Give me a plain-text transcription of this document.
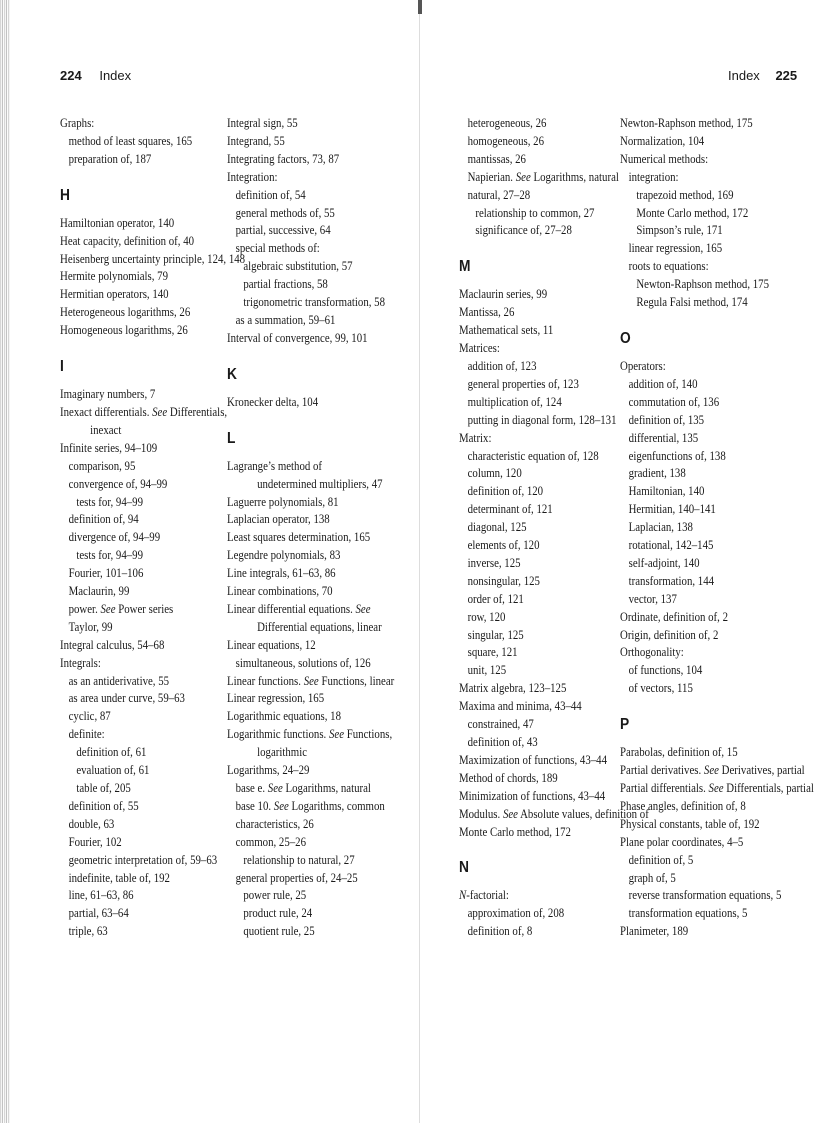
224 Index	Index 225
Graphs:
method of least squares, 165
preparation of, 187
H
Hamiltonian operator, 140
Heat capacity, definition of, 40
Heisenberg uncertainty principle, 124, 148
Hermite polynomials, 79
Hermitian operators, 140
Heterogeneous logarithms, 26
Homogeneous logarithms, 26
I
Imaginary numbers, 7
Inexact differentials. See Differentials,
inexact
Infinite series, 94–109
comparison, 95
convergence of, 94–99
tests for, 94–99
definition of, 94
divergence of, 94–99
tests for, 94–99
Fourier, 101–106
Maclaurin, 99
power. See Power series
Taylor, 99
Integral calculus, 54–68
Integrals:
as an antiderivative, 55
as area under curve, 59–63
cyclic, 87
definite:
definition of, 61
evaluation of, 61
table of, 205
definition of, 55
double, 63
Fourier, 102
geometric interpretation of, 59–63
indefinite, table of, 192
line, 61–63, 86
partial, 63–64
triple, 63
Integral sign, 55
Integrand, 55
Integrating factors, 73, 87
Integration:
definition of, 54
general methods of, 55
partial, successive, 64
special methods of:
algebraic substitution, 57
partial fractions, 58
trigonometric transformation, 58
as a summation, 59–61
Interval of convergence, 99, 101
K
Kronecker delta, 104
L
Lagrange’s method of
undetermined multipliers, 47
Laguerre polynomials, 81
Laplacian operator, 138
Least squares determination, 165
Legendre polynomials, 83
Line integrals, 61–63, 86
Linear combinations, 70
Linear differential equations. See
Differential equations, linear
Linear equations, 12
simultaneous, solutions of, 126
Linear functions. See Functions, linear
Linear regression, 165
Logarithmic equations, 18
Logarithmic functions. See Functions,
logarithmic
Logarithms, 24–29
base e. See Logarithms, natural
base 10. See Logarithms, common
characteristics, 26
common, 25–26
relationship to natural, 27
general properties of, 24–25
power rule, 25
product rule, 24
quotient rule, 25
heterogeneous, 26
homogeneous, 26
mantissas, 26
Napierian. See Logarithms, natural
natural, 27–28
relationship to common, 27
significance of, 27–28
M
Maclaurin series, 99
Mantissa, 26
Mathematical sets, 11
Matrices:
addition of, 123
general properties of, 123
multiplication of, 124
putting in diagonal form, 128–131
Matrix:
characteristic equation of, 128
column, 120
definition of, 120
determinant of, 121
diagonal, 125
elements of, 120
inverse, 125
nonsingular, 125
order of, 121
row, 120
singular, 125
square, 121
unit, 125
Matrix algebra, 123–125
Maxima and minima, 43–44
constrained, 47
definition of, 43
Maximization of functions, 43–44
Method of chords, 189
Minimization of functions, 43–44
Modulus. See Absolute values, definition of
Monte Carlo method, 172
N
N-factorial:
approximation of, 208
definition of, 8
Newton-Raphson method, 175
Normalization, 104
Numerical methods:
integration:
trapezoid method, 169
Monte Carlo method, 172
Simpson’s rule, 171
linear regression, 165
roots to equations:
Newton-Raphson method, 175
Regula Falsi method, 174
O
Operators:
addition of, 140
commutation of, 136
definition of, 135
differential, 135
eigenfunctions of, 138
gradient, 138
Hamiltonian, 140
Hermitian, 140–141
Laplacian, 138
rotational, 142–145
self-adjoint, 140
transformation, 144
vector, 137
Ordinate, definition of, 2
Origin, definition of, 2
Orthogonality:
of functions, 104
of vectors, 115
P
Parabolas, definition of, 15
Partial derivatives. See Derivatives, partial
Partial differentials. See Differentials, partial
Phase angles, definition of, 8
Physical constants, table of, 192
Plane polar coordinates, 4–5
definition of, 5
graph of, 5
reverse transformation equations, 5
transformation equations, 5
Planimeter, 189
